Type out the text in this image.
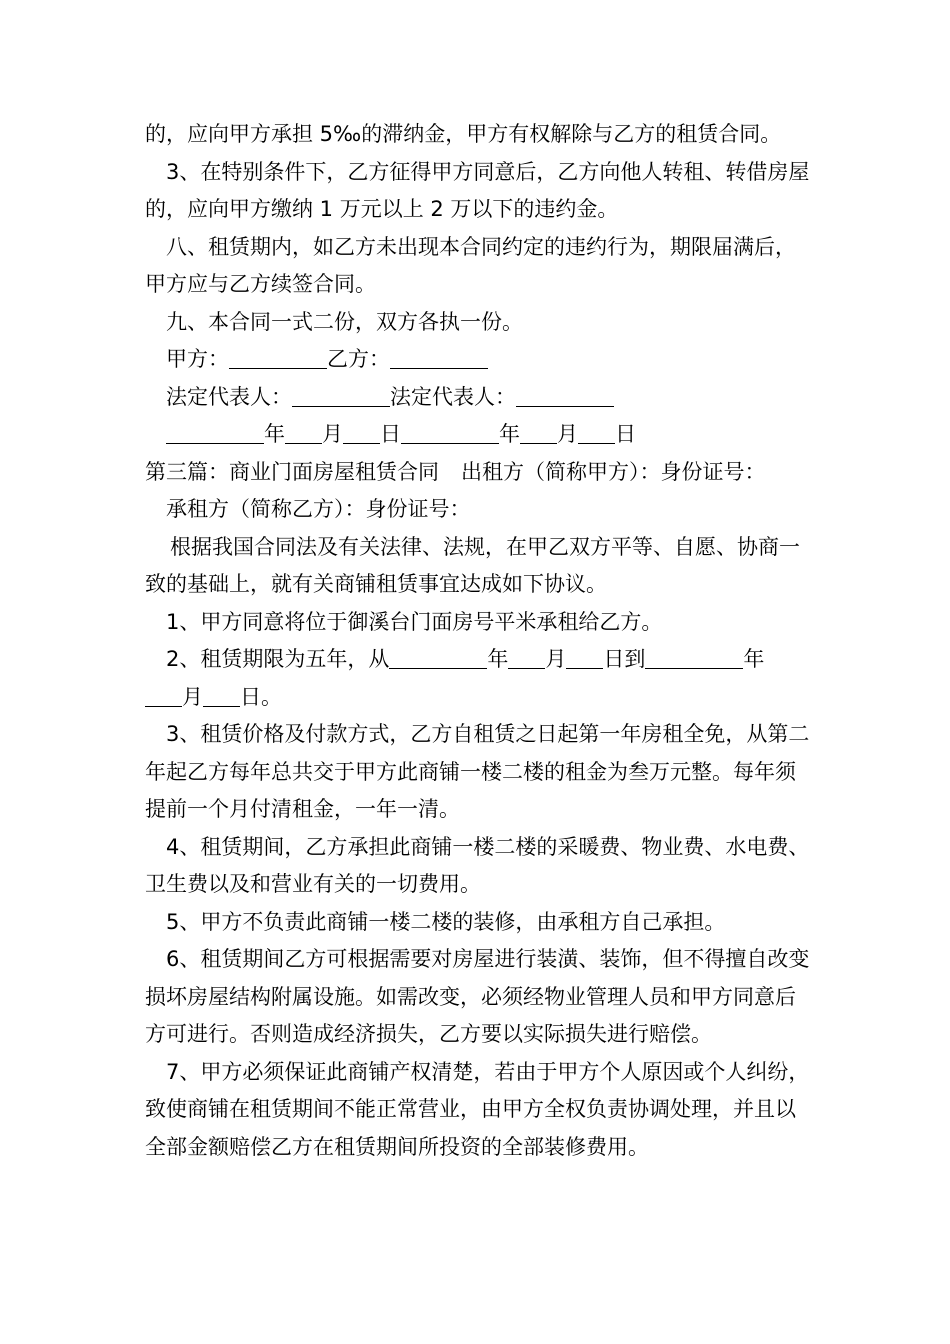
的，应向甲方承担 5‰的滞纳金，甲方有权解除与乙方的租赁合同。

3、在特别条件下，乙方征得甲方同意后，乙方向他人转租、转借房屋的，应向甲方缴纳 1 万元以上 2 万以下的违约金。

八、租赁期内，如乙方未出现本合同约定的违约行为，期限届满后，甲方应与乙方续签合同。

九、本合同一式二份，双方各执一份。

甲方：	乙方：
法定代表人：	法定代表人：
年 月 日	年 月 日
第三篇：商业门面房屋租赁合同 出租方（简称甲方）：身份证号：

承租方（简称乙方）：身份证号：

根据我国合同法及有关法律、法规，在甲乙双方平等、自愿、协商一致的基础上，就有关商铺租赁事宜达成如下协议。

1、甲方同意将位于御溪台门面房号平米承租给乙方。

2、租赁期限为五年，从	年 月 日到	年
月 日。

3、租赁价格及付款方式，乙方自租赁之日起第一年房租全免，从第二年起乙方每年总共交于甲方此商铺一楼二楼的租金为叁万元整。每年须提前一个月付清租金，一年一清。

4、租赁期间，乙方承担此商铺一楼二楼的采暖费、物业费、水电费、卫生费以及和营业有关的一切费用。

5、甲方不负责此商铺一楼二楼的装修，由承租方自己承担。

6、租赁期间乙方可根据需要对房屋进行装潢、装饰，但不得擅自改变损坏房屋结构附属设施。如需改变，必须经物业管理人员和甲方同意后方可进行。否则造成经济损失，乙方要以实际损失进行赔偿。

7、甲方必须保证此商铺产权清楚，若由于甲方个人原因或个人纠纷，致使商铺在租赁期间不能正常营业，由甲方全权负责协调处理，并且以全部金额赔偿乙方在租赁期间所投资的全部装修费用。
